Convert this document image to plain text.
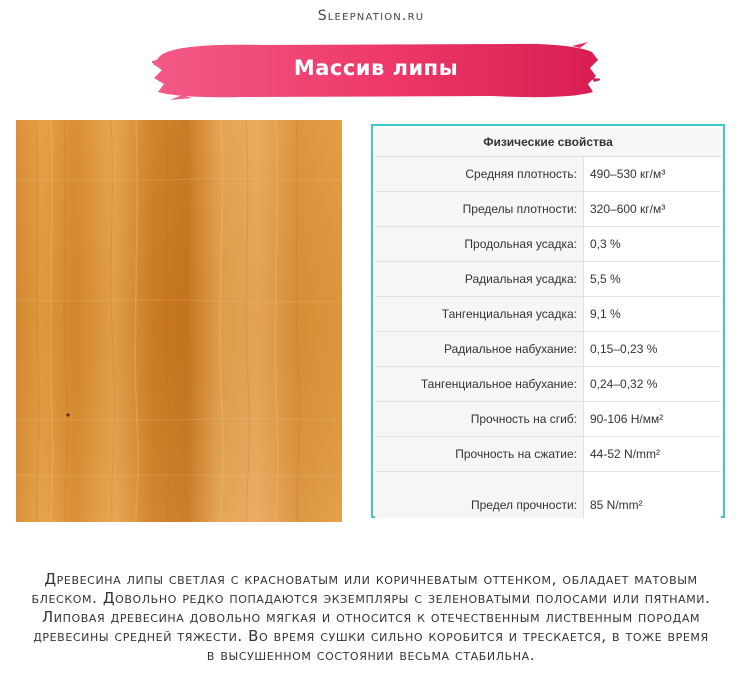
Sleepnation.ru
Массив липы
Физические свойства	
Средняя плотность:	490–530 кг/м³
Пределы плотности:	320–600 кг/м³
Продольная усадка:	0,3 %
Радиальная усадка:	5,5 %
Тангенциальная усадка:	9,1 %
Радиальное набухание:	0,15–0,23 %
Тангенциальное набухание:	0,24–0,32 %
Прочность на сгиб:	90-106 Н/мм²
Прочность на сжатие:	44-52 N/mm²
Предел прочности:	85 N/mm²
Древесина липы светлая с красноватым или коричневатым оттенком, обладает матовым блеском. Довольно редко попадаются экземпляры с зеленоватыми полосами или пятнами. Липовая древесина довольно мягкая и относится к отечественным лиственным породам древесины средней тяжести. Во время сушки сильно коробится и трескается, в тоже время в высушенном состоянии весьма стабильна.
